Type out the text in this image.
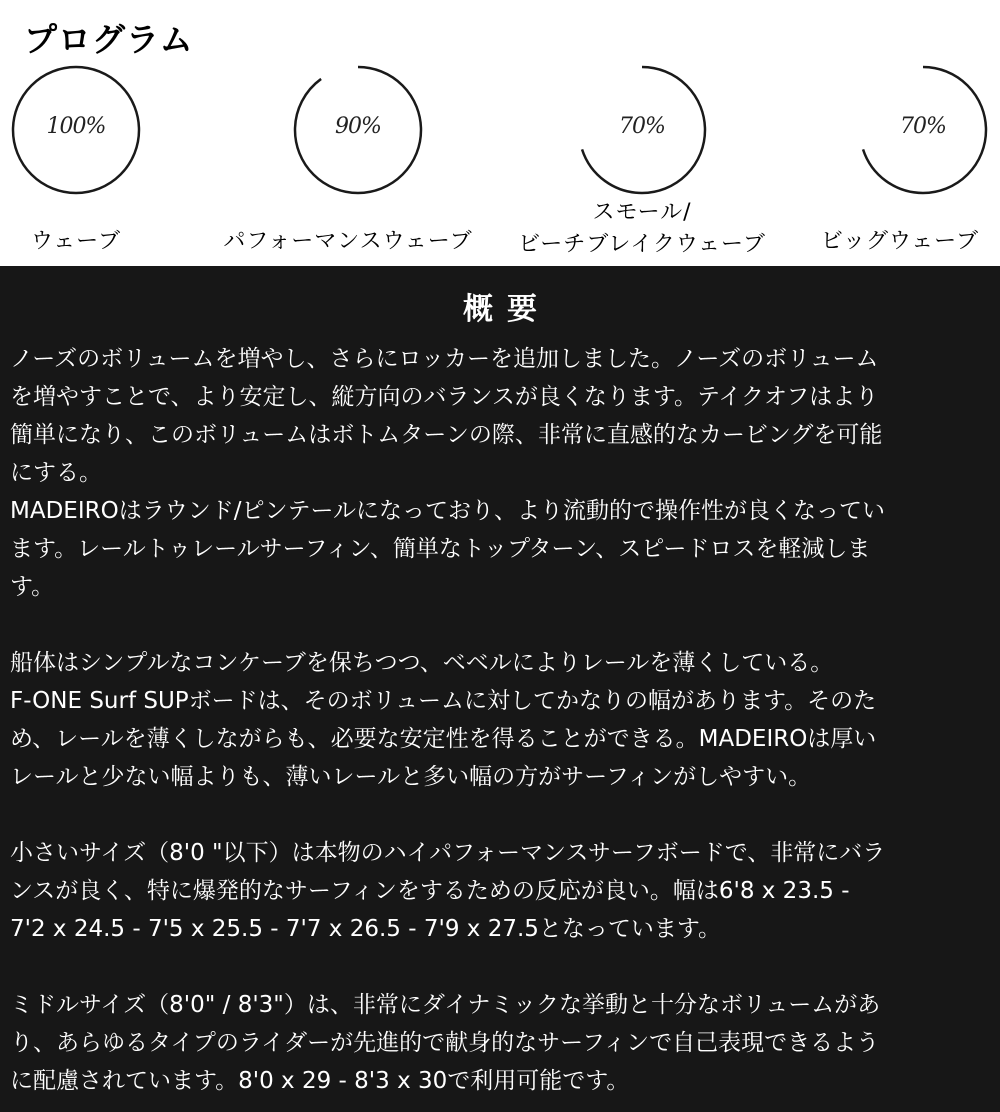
プログラム
100%
ウェーブ
90%
パフォーマンスウェーブ
70%
スモール/
ビーチブレイクウェーブ
70%
ビッグウェーブ
概要

ノーズのボリュームを増やし、さらにロッカーを追加しました。ノーズのボリューム

を増やすことで、より安定し、縦方向のバランスが良くなります。テイクオフはより

簡単になり、このボリュームはボトムターンの際、非常に直感的なカービングを可能

にする。

MADEIROはラウンド/ピンテールになっており、より流動的で操作性が良くなってい

ます。レールトゥレールサーフィン、簡単なトップターン、スピードロスを軽減しま

す。

船体はシンプルなコンケーブを保ちつつ、ベベルによりレールを薄くしている。

F-ONE Surf SUPボードは、そのボリュームに対してかなりの幅があります。そのた

め、レールを薄くしながらも、必要な安定性を得ることができる。MADEIROは厚い

レールと少ない幅よりも、薄いレールと多い幅の方がサーフィンがしやすい。

小さいサイズ（8'0 "以下）は本物のハイパフォーマンスサーフボードで、非常にバラ

ンスが良く、特に爆発的なサーフィンをするための反応が良い。幅は6'8 x 23.5 -

7'2 x 24.5 - 7'5 x 25.5 - 7'7 x 26.5 - 7'9 x 27.5となっています。

ミドルサイズ（8'0" / 8'3"）は、非常にダイナミックな挙動と十分なボリュームがあ

り、あらゆるタイプのライダーが先進的で献身的なサーフィンで自己表現できるよう

に配慮されています。8'0 x 29 - 8'3 x 30で利用可能です。
